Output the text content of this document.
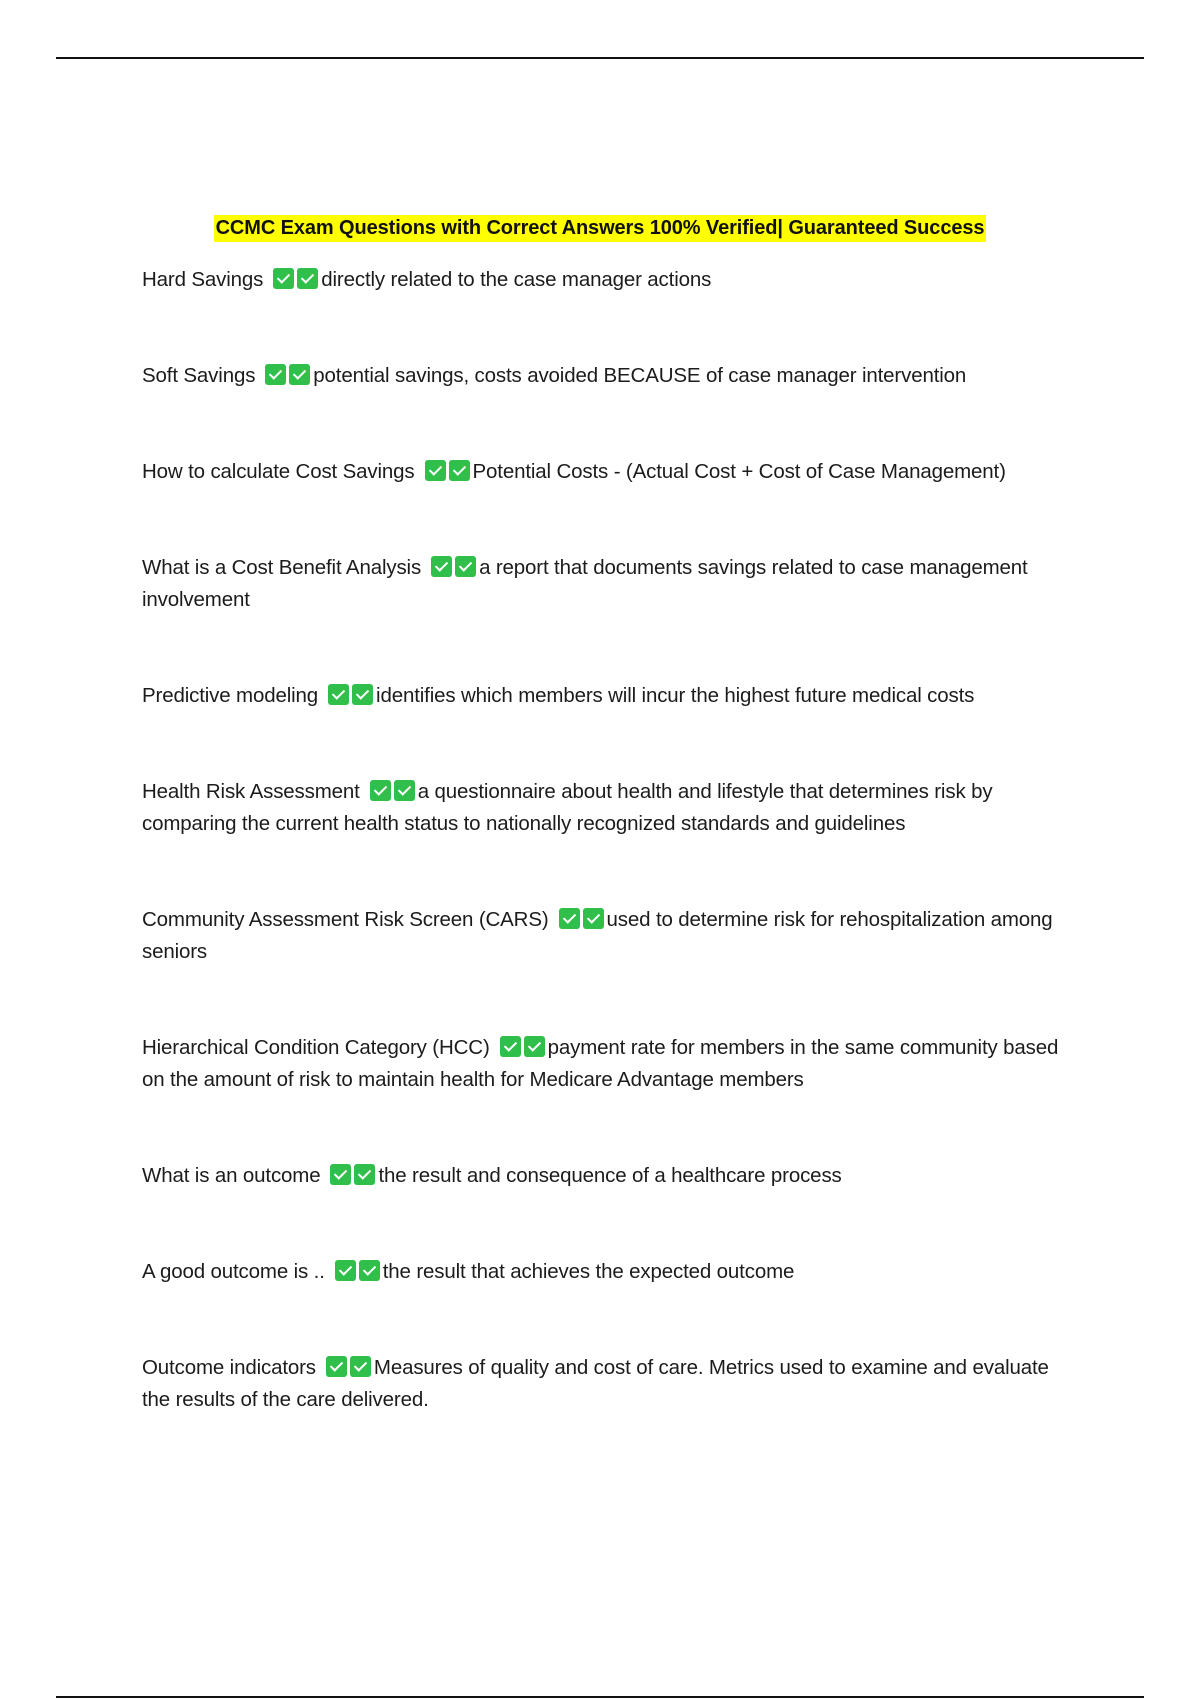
CCMC Exam Questions with Correct Answers 100% Verified| Guaranteed Success
Hard Savings	directly related to the case manager actions
Soft Savings	potential savings, costs avoided BECAUSE of case manager intervention
How to calculate Cost Savings	Potential Costs - (Actual Cost + Cost of Case Management)
What is a Cost Benefit Analysis	a report that documents savings related to case management involvement
Predictive modeling	identifies which members will incur the highest future medical costs
Health Risk Assessment	a questionnaire about health and lifestyle that determines risk by comparing the current health status to nationally recognized standards and guidelines
Community Assessment Risk Screen (CARS)	used to determine risk for rehospitalization among seniors
Hierarchical Condition Category (HCC)	payment rate for members in the same community based on the amount of risk to maintain health for Medicare Advantage members
What is an outcome	the result and consequence of a healthcare process
A good outcome is ..	the result that achieves the expected outcome
Outcome indicators	Measures of quality and cost of care. Metrics used to examine and evaluate the results of the care delivered.
